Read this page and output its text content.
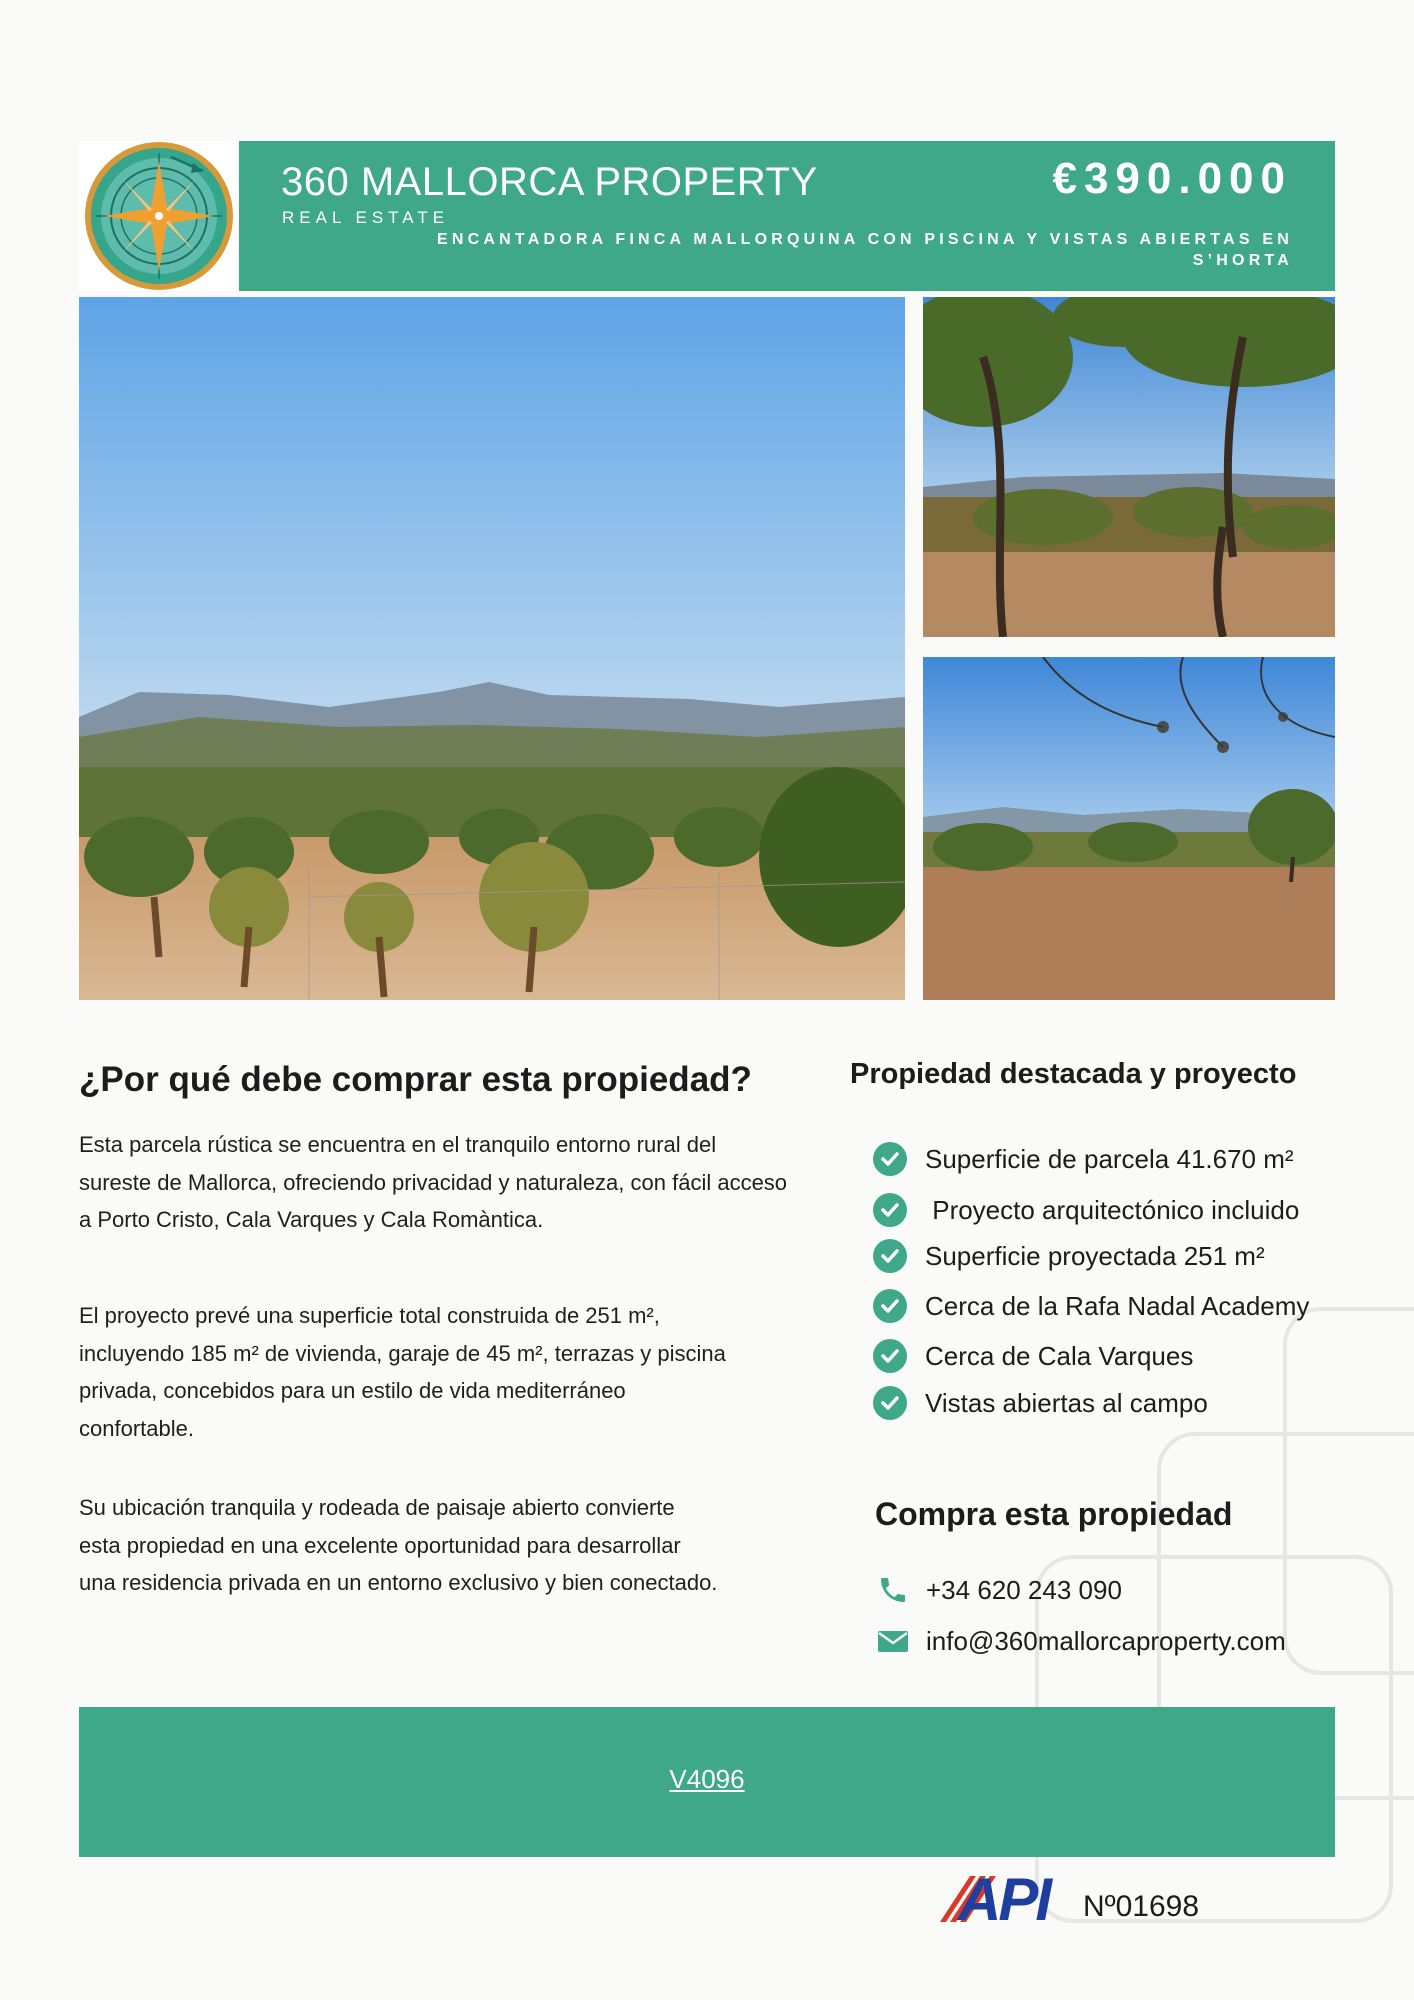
360 MALLORCA PROPERTY
REAL ESTATE
€390.000
ENCANTADORA FINCA MALLORQUINA CON PISCINA Y VISTAS ABIERTAS EN S’HORTA
¿Por qué debe comprar esta propiedad?
Esta parcela rústica se encuentra en el tranquilo entorno rural del sureste de Mallorca, ofreciendo privacidad y naturaleza, con fácil acceso a Porto Cristo, Cala Varques y Cala Romàntica.
El proyecto prevé una superficie total construida de 251 m², incluyendo 185 m² de vivienda, garaje de 45 m², terrazas y piscina privada, concebidos para un estilo de vida mediterráneo confortable.
Su ubicación tranquila y rodeada de paisaje abierto convierte esta propiedad en una excelente oportunidad para desarrollar una residencia privada en un entorno exclusivo y bien conectado.
Propiedad destacada y proyecto
Superficie de parcela 41.670 m²
Proyecto arquitectónico incluido
Superficie proyectada 251 m²
Cerca de la Rafa Nadal Academy
Cerca de Cala Varques
Vistas abiertas al campo
Compra esta propiedad
+34 620 243 090
info@360mallorcaproperty.com
V4096
API Nº01698
